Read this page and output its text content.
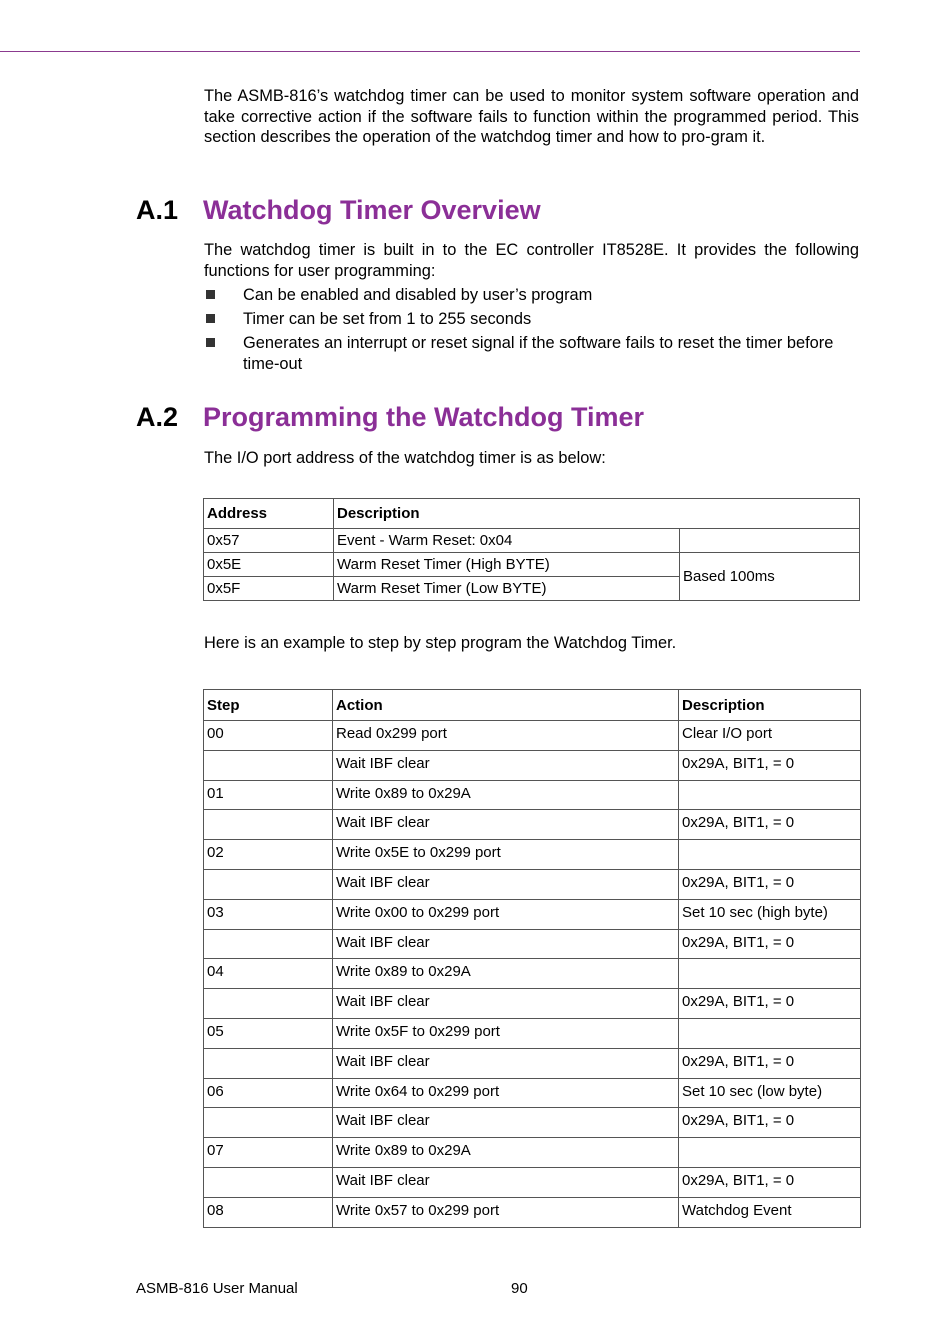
The ASMB-816’s watchdog timer can be used to monitor system software operation and take corrective action if the software fails to function within the programmed period. This section describes the operation of the watchdog timer and how to pro-gram it.

A.1 Watchdog Timer Overview

The watchdog timer is built in to the EC controller IT8528E. It provides the following functions for user programming:

Can be enabled and disabled by user’s program
Timer can be set from 1 to 255 seconds
Generates an interrupt or reset signal if the software fails to reset the timer before time-out
A.2 Programming the Watchdog Timer

The I/O port address of the watchdog timer is as below:

Address	Description	
0x57	Event - Warm Reset: 0x04	
0x5E	Warm Reset Timer (High BYTE)	Based 100ms
0x5F	Warm Reset Timer (Low BYTE)	

Here is an example to step by step program the Watchdog Timer.

Step	Action	Description
00	Read 0x299 port	Clear I/O port
	Wait IBF clear	0x29A, BIT1, = 0
01	Write 0x89 to 0x29A	
	Wait IBF clear	0x29A, BIT1, = 0
02	Write 0x5E to 0x299 port	
	Wait IBF clear	0x29A, BIT1, = 0
03	Write 0x00 to 0x299 port	Set 10 sec (high byte)
	Wait IBF clear	0x29A, BIT1, = 0
04	Write 0x89 to 0x29A	
	Wait IBF clear	0x29A, BIT1, = 0
05	Write 0x5F to 0x299 port	
	Wait IBF clear	0x29A, BIT1, = 0
06	Write 0x64 to 0x299 port	Set 10 sec (low byte)
	Wait IBF clear	0x29A, BIT1, = 0
07	Write 0x89 to 0x29A	
	Wait IBF clear	0x29A, BIT1, = 0
08	Write 0x57 to 0x299 port	Watchdog Event
ASMB-816 User Manual	90
